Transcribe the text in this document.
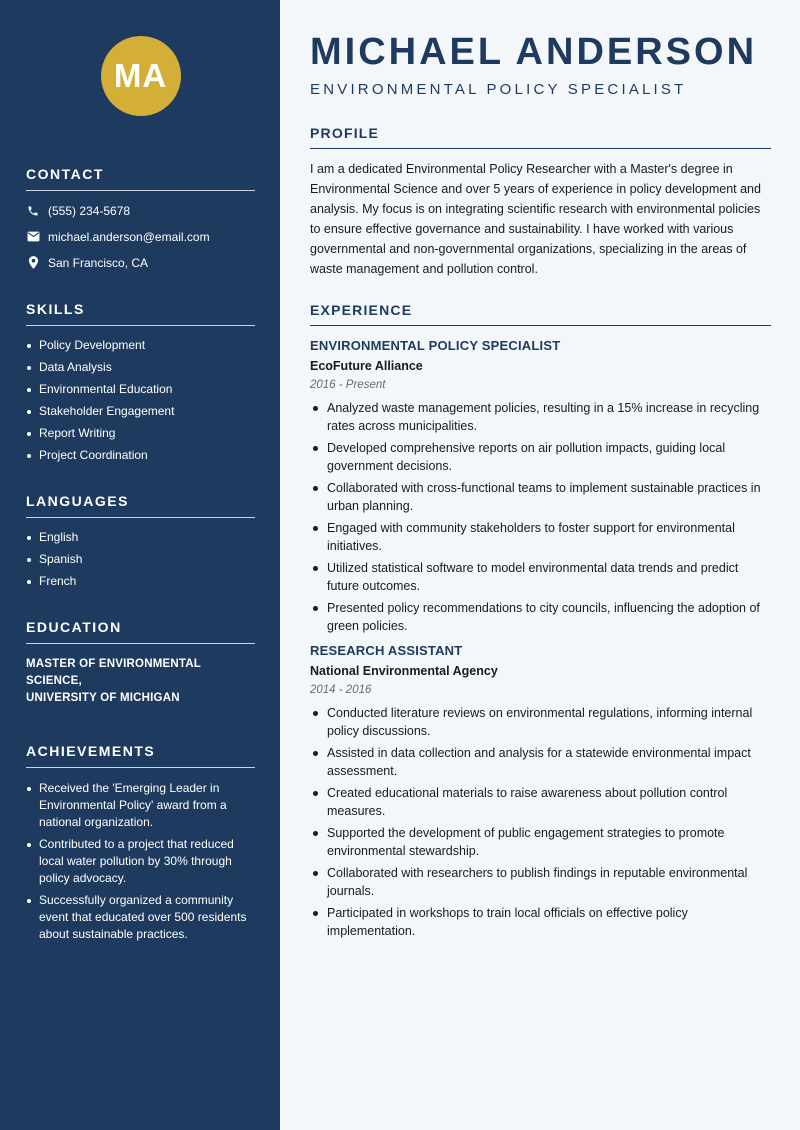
MA
CONTACT
(555) 234-5678
michael.anderson@email.com
San Francisco, CA
SKILLS
Policy Development
Data Analysis
Environmental Education
Stakeholder Engagement
Report Writing
Project Coordination
LANGUAGES
English
Spanish
French
EDUCATION
MASTER OF ENVIRONMENTAL SCIENCE,
UNIVERSITY OF MICHIGAN
ACHIEVEMENTS
Received the 'Emerging Leader in Environmental Policy' award from a national organization.
Contributed to a project that reduced local water pollution by 30% through policy advocacy.
Successfully organized a community event that educated over 500 residents about sustainable practices.
MICHAEL ANDERSON
ENVIRONMENTAL POLICY SPECIALIST
PROFILE

I am a dedicated Environmental Policy Researcher with a Master's degree in Environmental Science and over 5 years of experience in policy development and analysis. My focus is on integrating scientific research with environmental policies to ensure effective governance and sustainability. I have worked with various governmental and non-governmental organizations, specializing in the areas of waste management and pollution control.

EXPERIENCE
ENVIRONMENTAL POLICY SPECIALIST
EcoFuture Alliance
2016 - Present
Analyzed waste management policies, resulting in a 15% increase in recycling rates across municipalities.
Developed comprehensive reports on air pollution impacts, guiding local government decisions.
Collaborated with cross-functional teams to implement sustainable practices in urban planning.
Engaged with community stakeholders to foster support for environmental initiatives.
Utilized statistical software to model environmental data trends and predict future outcomes.
Presented policy recommendations to city councils, influencing the adoption of green policies.
RESEARCH ASSISTANT
National Environmental Agency
2014 - 2016
Conducted literature reviews on environmental regulations, informing internal policy discussions.
Assisted in data collection and analysis for a statewide environmental impact assessment.
Created educational materials to raise awareness about pollution control measures.
Supported the development of public engagement strategies to promote environmental stewardship.
Collaborated with researchers to publish findings in reputable environmental journals.
Participated in workshops to train local officials on effective policy implementation.
